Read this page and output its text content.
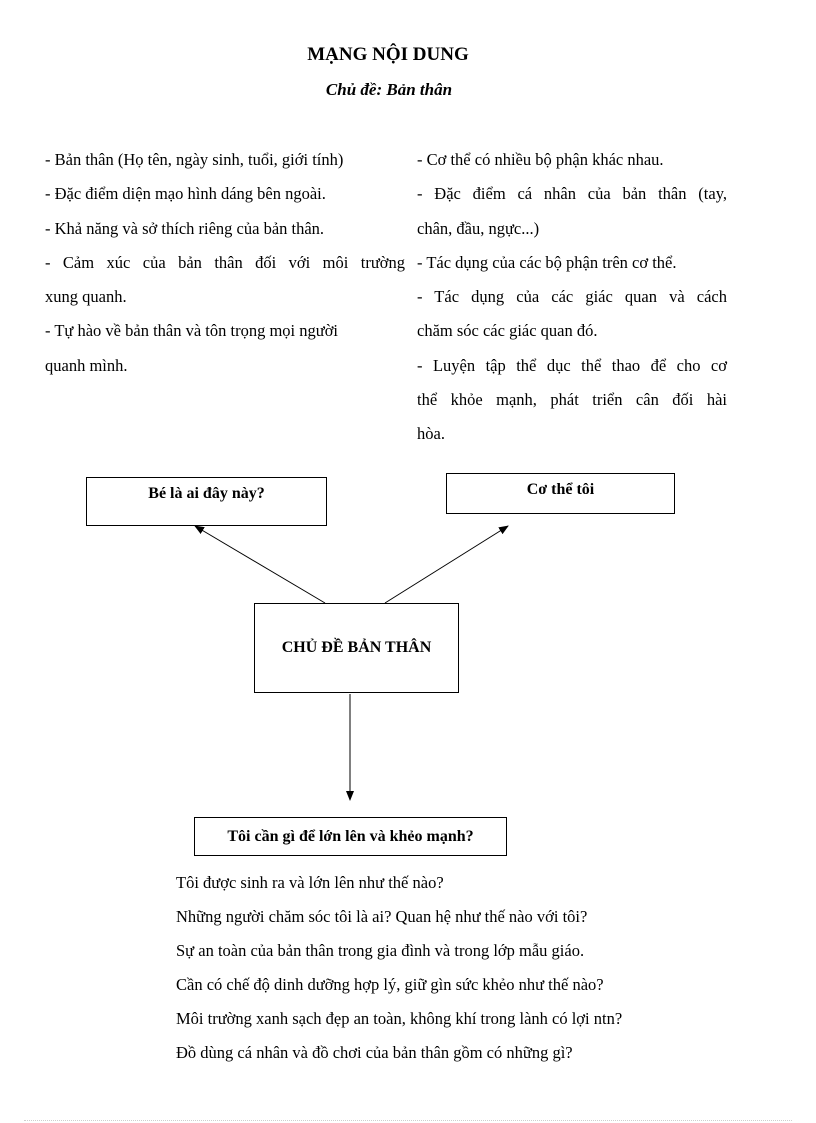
MẠNG NỘI DUNG
Chủ đề: Bản thân

- Bản thân (Họ tên, ngày sinh, tuổi, giới tính)

- Đặc điểm diện mạo hình dáng bên ngoài.

- Khả năng và sở thích riêng của bản thân.

- Cảm xúc của bản thân đối với môi trường

xung quanh.

- Tự hào về bản thân và tôn trọng mọi người

quanh mình.

- Cơ thể có nhiều bộ phận khác nhau.

- Đặc điểm cá nhân của bản thân (tay,

chân, đầu, ngực...)

- Tác dụng của các bộ phận trên cơ thể.

- Tác dụng của các giác quan và cách

chăm sóc các giác quan đó.

- Luyện tập thể dục thể thao để cho cơ

thể khỏe mạnh, phát triển cân đối hài

hòa.

Bé là ai đây này?	Cơ thể tôi
CHỦ ĐỀ BẢN THÂN
Tôi cần gì để lớn lên và khẻo mạnh?

Tôi được sinh ra và lớn lên như thế nào?

Những người chăm sóc tôi là ai? Quan hệ như thế nào với tôi?

Sự an toàn của bản thân trong gia đình và trong lớp mẫu giáo.

Cần có chế độ dinh dưỡng hợp lý, giữ gìn sức khẻo như thế nào?

Môi trường xanh sạch đẹp an toàn, không khí trong lành có lợi ntn?

Đồ dùng cá nhân và đồ chơi của bản thân gồm có những gì?
